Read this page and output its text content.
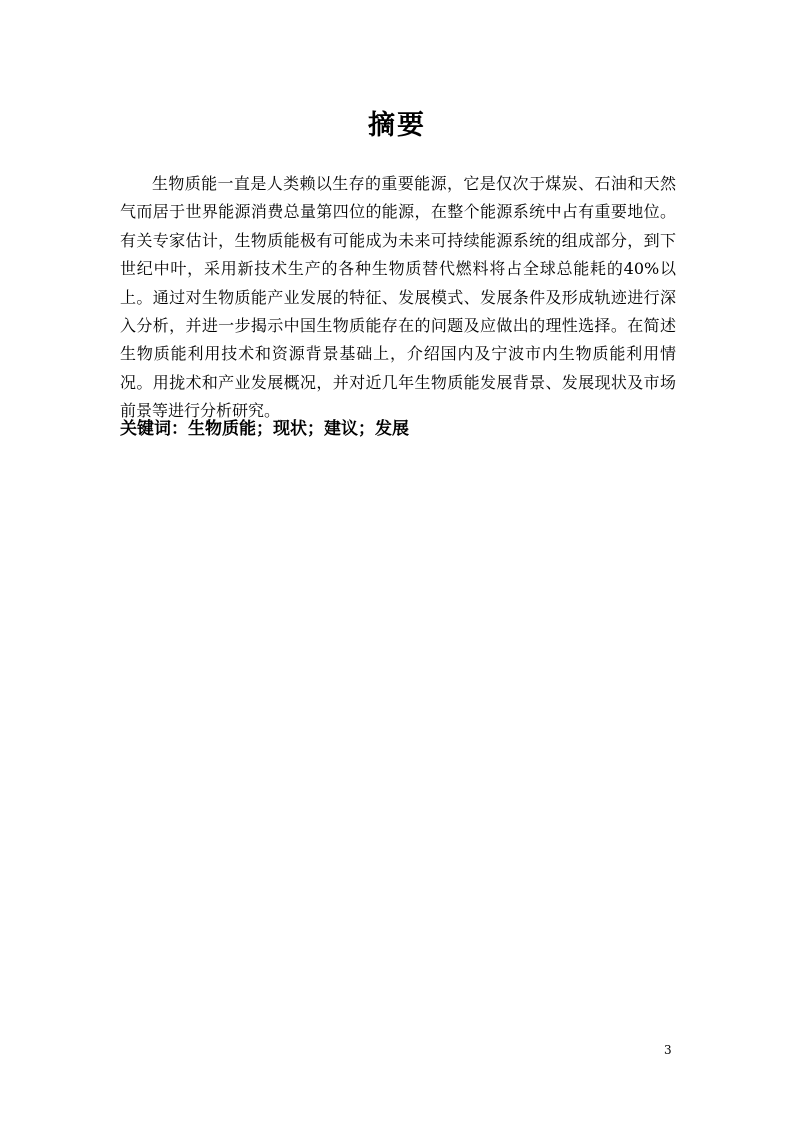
摘要

生物质能一直是人类赖以生存的重要能源，它是仅次于煤炭、石油和天然气而居于世界能源消费总量第四位的能源，在整个能源系统中占有重要地位。有关专家估计，生物质能极有可能成为未来可持续能源系统的组成部分，到下世纪中叶，采用新技术生产的各种生物质替代燃料将占全球总能耗的40%以上。通过对生物质能产业发展的特征、发展模式、发展条件及形成轨迹进行深入分析，并进一步揭示中国生物质能存在的问题及应做出的理性选择。在简述生物质能利用技术和资源背景基础上，介绍国内及宁波市内生物质能利用情况。用拢术和产业发展概况，并对近几年生物质能发展背景、发展现状及市场前景等进行分析研究。

关键词：生物质能；现状；建议；发展

3
